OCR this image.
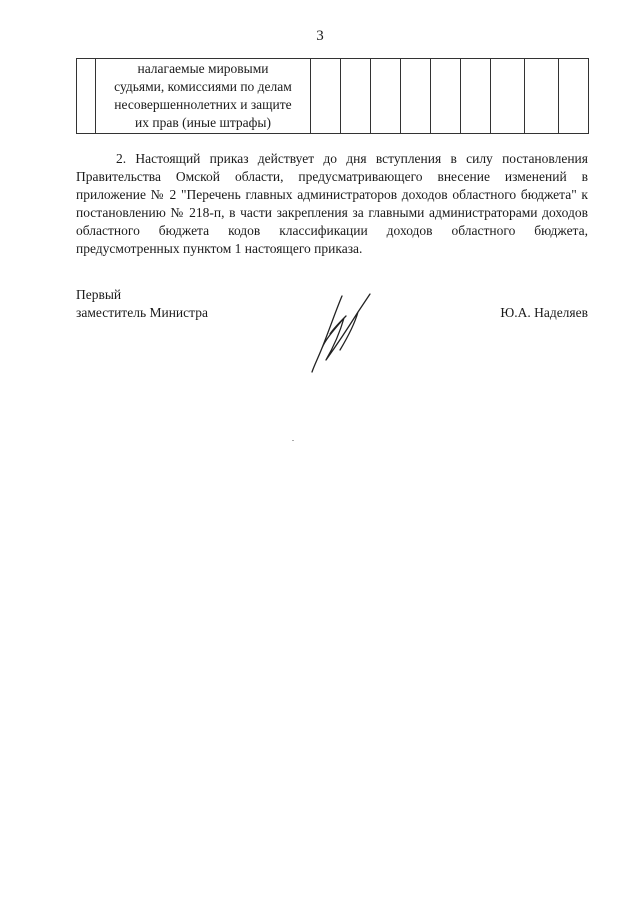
3

налагаемые мировыми
судьями, комиссиями по делам
несовершеннолетних и защите
их прав (иные штрафы)

2. Настоящий приказ действует до дня вступления в силу постановления Правительства Омской области, предусматривающего внесение изменений в приложение № 2 "Перечень главных администраторов доходов областного бюджета" к постановлению № 218-п, в части закрепления за главными администраторами доходов областного бюджета кодов классификации доходов областного бюджета, предусмотренных пунктом 1 настоящего приказа.
Первый
заместитель Министра	Ю.А. Наделяев
